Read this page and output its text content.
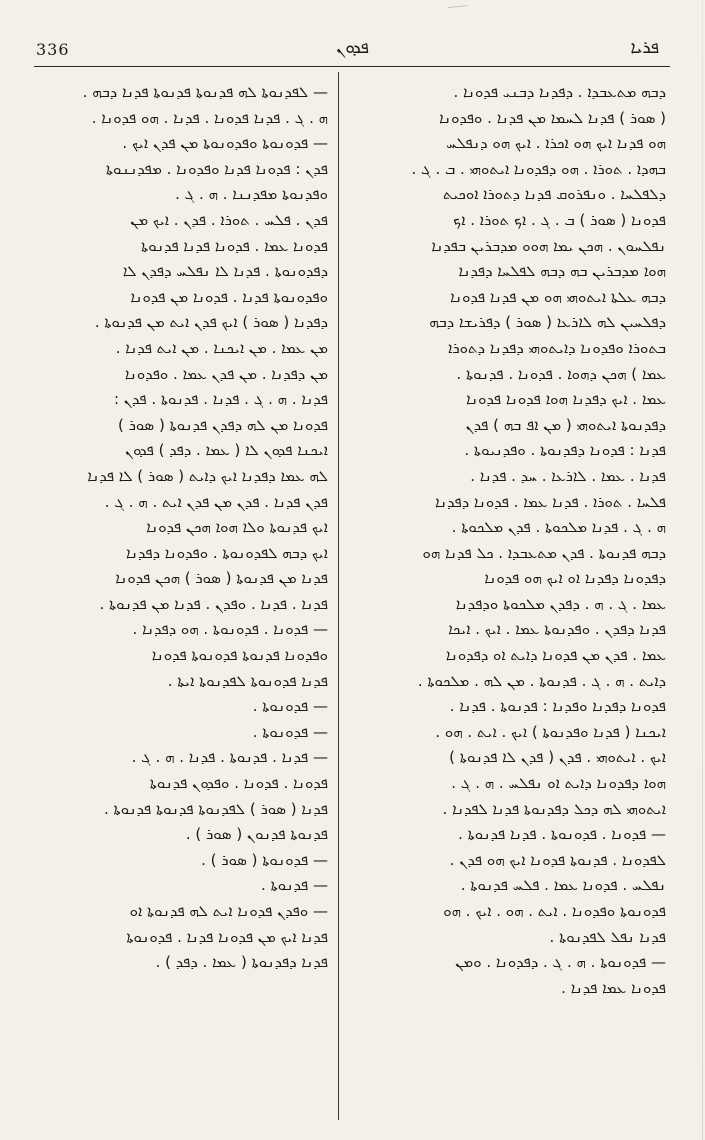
336	ܦܕܘܢ	ܦܪܝܐ
ܕܒܗ ܡܬܥܒܕܐ . ܕܦܕܢܐ ܕܒܢܝ ܦܕܘܢܐ .
( ܣܘܪ ) ܦܕܢܐ ܠܚܡܐ ܡܢ ܦܕܢܐ . ܘܦܕܘܢܐ
ܗܘ ܦܕܢܐ ܐܝܟ ܗܘ ܐܟܪܐ . ܐܝܟ ܗܘ ܕܢܦܠܚ
ܒܗܕܐ . ܬܘܪܐ . ܗܘ ܕܦܕܘܢܐ ܐܝܬܘܗܝ . ܒ . ܓ .
ܕܠܦܠܚܐ . ܘܢܦܪܘܩ ܦܕܢܐ ܕܬܘܪܐ ܐܘܟܝܬ
ܦܕܘܢܐ ( ܣܘܪ ) ܒ . ܓ . ܐܟ ܬܘܪܐ . ܐܟ
ܢܦܠܚܘܢ . ܗܟܢ ܝܡܐ ܗܘܘ ܡܕܒܪܝܢ ܒܦܕܢܐ
ܗܘܐ ܡܕܒܪܝܢ ܒܗ ܕܒܗ ܠܦܠܚܐ ܕܦܕܢܐ
ܕܒܗ ܥܠܬܐ ܐܝܬܘܗܝ ܗܘ ܡܢ ܦܕܢܐ ܦܕܘܢܐ
ܕܦܠܚܝܢ ܠܗ ܠܐܪܥܐ ( ܣܘܪ ) ܕܦܪܝܫܐ ܕܒܗ
ܒܬܘܪܐ ܘܦܕܘܢܐ ܕܐܝܬܘܗܝ ܕܦܕܢܐ ܕܬܘܪܐ
ܥܡܐ ) ܗܟܢ ܕܗܘܐ . ܦܕܘܢܐ . ܦܕܢܘܬܐ .
ܥܡܐ . ܐܝܟ ܕܦܕܢܐ ܗܘܐ ܦܕܘܢܐ ܦܕܘܢܐ
ܕܦܕܢܘܬܐ ܐܝܬܘܗܝ ( ܡܢ ܐܦ ܒܗ ) ܦܕܢ
ܦܕܢܐ : ܦܕܘܢܐ ܕܦܕܢܘܬܐ . ܘܦܕܢܝܘܬܐ .
ܦܕܢܐ . ܥܡܐ . ܠܐܪܥܐ . ܚܕ . ܦܕܢܐ .
ܦܠܚܐ . ܬܘܪܐ . ܦܕܢܐ ܥܡܐ . ܦܕܘܢܐ ܕܦܕܢܐ
ܗ . ܓ . ܦܕܢܐ ܡܠܟܘܬܐ . ܦܕܢ ܡܠܟܘܬܐ .
ܕܒܗ ܦܕܢܘܬܐ . ܦܕܢ ܡܬܥܒܕܐ . ܟܠ ܦܕܢܐ ܗܘ
ܕܦܕܘܢܐ ܕܦܕܢܐ ܐܘ ܐܝܟ ܗܘ ܦܕܘܢܐ
ܥܡܐ . ܓ . ܗ . ܕܦܕܢ ܡܠܟܘܬܐ ܘܕܦܕܢܐ
ܦܕܢܐ ܕܦܕܢ . ܘܦܕܢܘܬܐ ܥܡܐ . ܐܝܟ . ܐܝܟܐ
ܥܡܐ . ܦܕܢ ܡܢ ܦܕܘܢܐ ܕܐܝܬ ܐܘ ܕܦܕܘܢܐ
ܕܐܝܬ . ܗ . ܓ . ܦܕܢܘܬܐ . ܡܢ ܠܗ . ܡܠܟܘܬܐ .
ܦܕܘܢܐ ܕܦܕܢܐ ܘܦܕܢܐ : ܦܕܢܘܬܐ . ܦܕܢܐ .
ܐܝܟܢܐ ( ܦܕܢܐ ܘܦܕܢܘܬܐ ) ܐܝܟ . ܐܝܬ . ܗܘ .
ܐܝܟ . ܐܝܬܘܗܝ . ܦܕܢ ( ܦܕܢ ܠܐ ܦܕܢܘܬܐ )
ܗܘܐ ܕܦܕܘܢܐ ܕܐܝܬ ܐܘ ܢܦܠܚ . ܗ . ܓ .
ܐܝܬܘܗܝ ܠܗ ܕܟܠ ܕܦܕܢܘܬܐ ܦܕܢܐ ܠܦܕܢܐ .
— ܦܕܘܢܐ . ܦܕܘܢܘܬܐ . ܦܕܢܐ ܦܕܢܘܬܐ .
ܠܦܕܘܢܐ . ܦܕܢܘܬܐ ܦܕܘܢܐ ܐܝܟ ܗܘ ܦܕܢ .
ܢܦܠܚ . ܦܕܘܢܐ ܥܡܐ . ܦܠܚ ܦܕܢܘܬܐ .
ܦܕܘܢܘܬܐ ܘܦܕܘܢܐ . ܐܝܬ . ܗܘ . ܐܝܟ . ܗܘ
ܦܕܢܐ ܢܦܠ ܠܦܕܢܘܬܐ .
— ܦܕܘܢܘܬܐ . ܗ . ܓ . ܕܦܕܘܢܐ . ܘܡܢ
ܦܕܘܢܐ ܥܡܐ ܦܕܢܐ .
— ܠܦܕܢܘܬܐ ܠܗ ܦܕܢܘܬܐ ܦܕܢܘܬܐ ܦܕܢܐ ܕܒܗ .
ܗ . ܓ . ܦܕܢܐ ܦܕܘܢܐ . ܦܕܢܐ . ܗܘ ܦܕܘܢܐ .
— ܦܕܘܢܘܬܐ ܘܦܕܘܢܘܬܐ ܡܢ ܦܕܢ ܐܝܟ .
ܦܕܢ : ܦܕܘܢܐ ܦܕܢܐ ܘܦܕܘܢܐ . ܡܦܕܢܢܘܬܐ
ܘܦܕܢܘܬܐ ܡܦܕܢܢܐ . ܗ . ܓ .
ܦܕܢ . ܦܠܚ . ܬܘܪܐ . ܦܕܢ . ܐܝܟ ܡܢ
ܦܕܘܢܐ ܥܡܐ . ܦܕܘܢܐ ܦܕܢܐ ܦܕܢܘܬܐ
ܕܦܕܘܢܘܬܐ . ܦܕܢܐ ܠܐ ܢܦܠܚ ܕܦܕܢ ܠܐ
ܘܦܕܘܢܘܬܐ ܦܕܢܐ . ܦܕܘܢܐ ܡܢ ܦܕܘܢܐ
ܕܦܕܢܐ ( ܣܘܪ ) ܐܝܟ ܦܕܢ ܐܝܬ ܡܢ ܦܕܢܘܬܐ .
ܡܢ ܥܡܐ . ܡܢ ܐܝܟܢܐ . ܡܢ ܐܝܬ ܦܕܢܐ .
ܡܢ ܕܦܕܢܐ . ܡܢ ܦܕܢ ܥܡܐ . ܘܦܕܘܢܐ
ܦܕܢܐ . ܗ . ܓ . ܦܕܢܐ . ܦܕܢܘܬܐ . ܦܕܢ :
ܦܕܘܢܐ ܡܢ ܠܗ ܕܦܕܢ ܦܕܢܘܬܐ ( ܣܘܪ )
ܐܝܟܢܐ ܦܕܘܢ ܠܐ ( ܥܡܐ . ܕܦܕ ) ܦܕܘܢ
ܠܗ ܥܡܐ ܕܦܕܢܐ ܐܝܟ ܕܐܝܬ ( ܣܘܪ ) ܠܐ ܦܕܢܐ
ܦܕܢ ܦܕܢܐ . ܦܕܢ ܡܢ ܦܕܢ ܐܝܬ . ܗ . ܓ .
ܐܝܟ ܦܕܢܘܬܐ ܘܠܐ ܗܘܐ ܗܟܢ ܦܕܘܢܐ
ܐܝܟ ܕܒܗ ܠܦܕܘܢܘܬܐ . ܘܦܕܘܢܐ ܕܦܕܢܐ
ܦܕܢܐ ܡܢ ܦܕܢܘܬܐ ( ܣܘܪ ) ܗܟܢ ܦܕܘܢܐ
ܦܕܢܐ . ܦܕܢܐ . ܘܦܕܢ . ܦܕܢܐ ܡܢ ܦܕܢܘܬܐ .
— ܦܕܘܢܐ . ܦܕܘܢܘܬܐ . ܗܘ ܕܦܕܢܐ .
ܘܦܕܘܢܐ ܦܕܢܘܬܐ ܦܕܘܢܘܬܐ ܦܕܘܢܐ
ܦܕܢܐ ܦܕܘܢܘܬܐ ܠܦܕܢܘܬܐ ܐܝܬܐ .
— ܦܕܘܢܘܬܐ .
— ܦܕܘܢܘܬܐ .
— ܦܕܢܐ . ܦܕܢܘܬܐ . ܦܕܢܐ . ܗ . ܓ .
ܦܕܘܢܐ . ܦܕܘܢܐ . ܘܦܕܘܢ ܦܕܢܘܬܐ
ܦܕܢܐ ( ܣܘܪ ) ܠܦܕܢܘܬܐ ܦܕܢܘܬܐ ܦܕܢܘܬܐ .
ܦܕܢܘܬܐ ܦܕܢܘܢ ( ܣܘܪ ) .
— ܦܕܘܢܘܬܐ ( ܣܘܪ ) .
— ܦܕܢܘܬܐ .
— ܘܦܕܢ ܦܕܘܢܐ ܐܝܬ ܠܗ ܦܕܢܘܬܐ ܐܘ
ܦܕܢܐ ܐܝܟ ܡܢ ܦܕܘܢܐ ܦܕܢܐ . ܦܕܘܢܘܬܐ
ܦܕܢܐ ܕܦܕܢܘܬܐ ( ܥܡܐ . ܕܦܕ ) .
